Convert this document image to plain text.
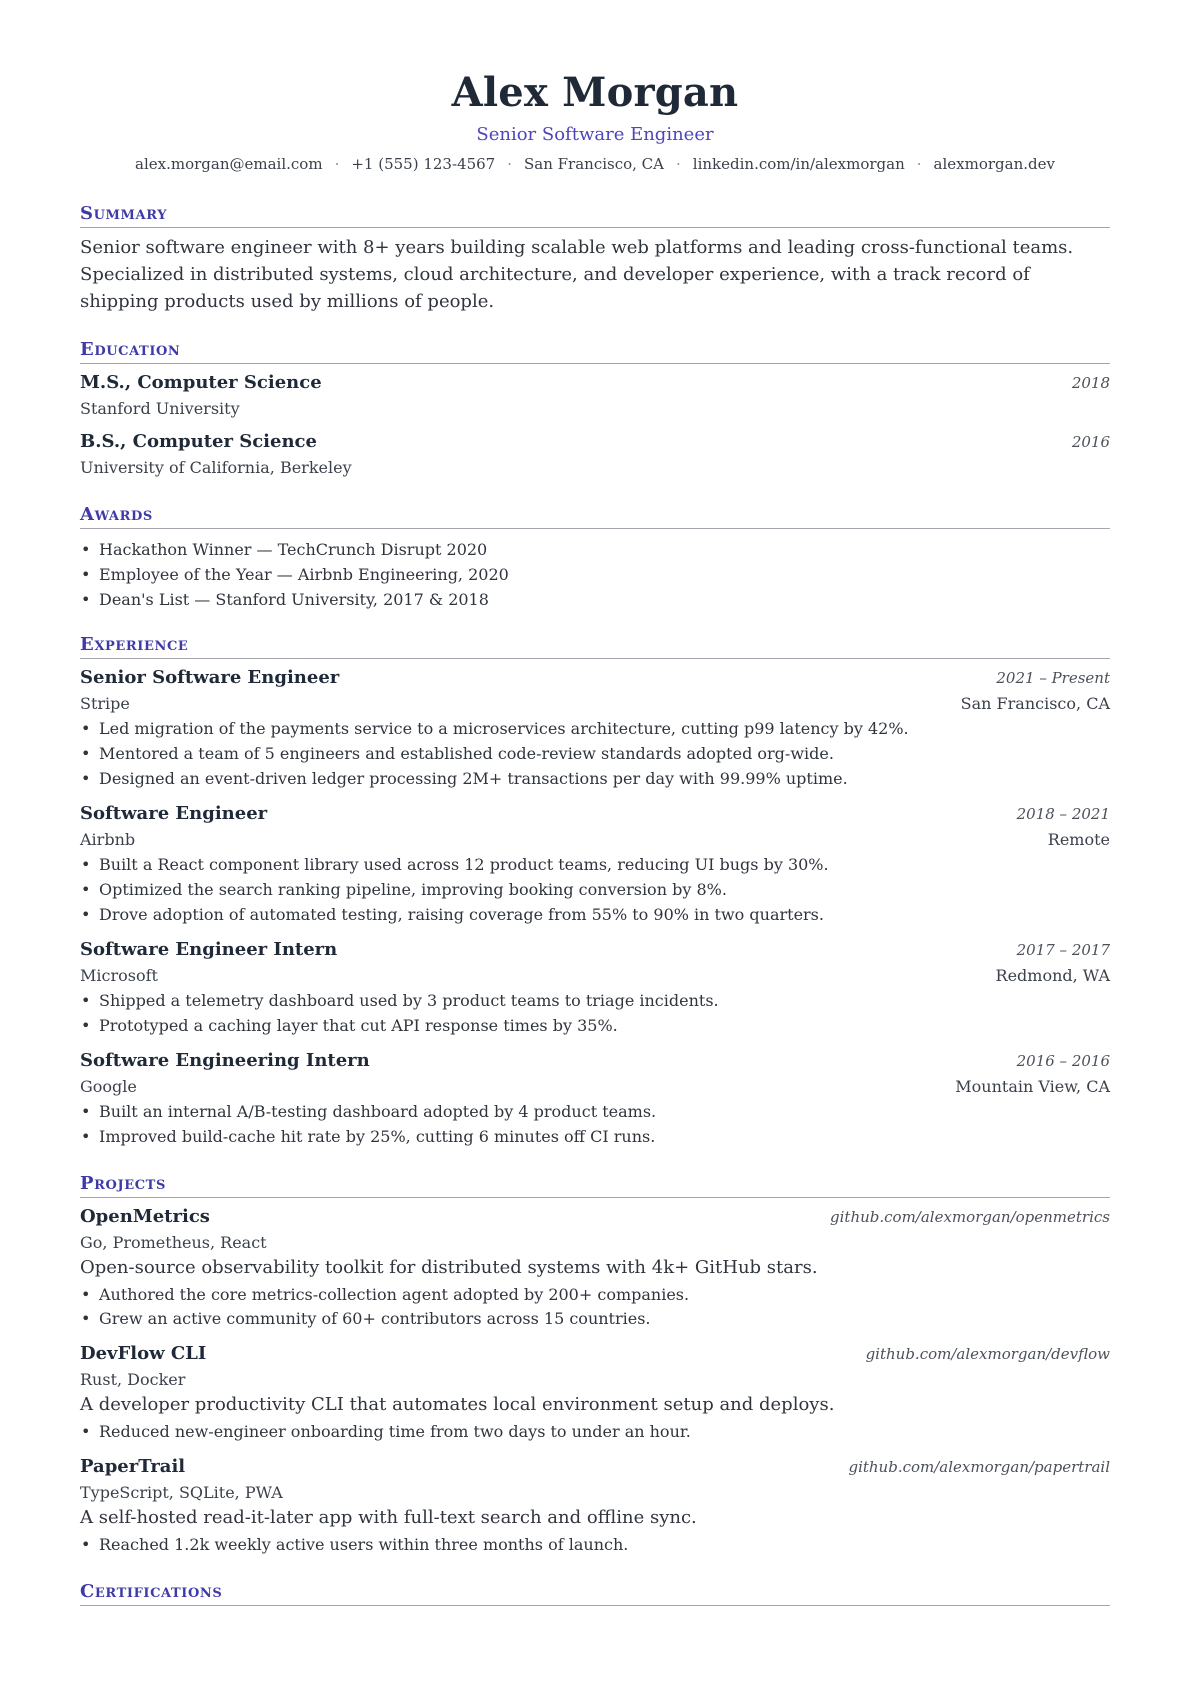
Alex Morgan
Senior Software Engineer
alex.morgan@email.com · +1 (555) 123-4567 · San Francisco, CA · linkedin.com/in/alexmorgan · alexmorgan.dev
Summary

Senior software engineer with 8+ years building scalable web platforms and leading cross-functional teams. Specialized in distributed systems, cloud architecture, and developer experience, with a track record of shipping products used by millions of people.

Education
M.S., Computer Science	2018
Stanford University
B.S., Computer Science	2016
University of California, Berkeley
Awards
• Hackathon Winner — TechCrunch Disrupt 2020
• Employee of the Year — Airbnb Engineering, 2020
• Dean's List — Stanford University, 2017 & 2018
Experience
Senior Software Engineer	2021 – Present
Stripe	San Francisco, CA
• Led migration of the payments service to a microservices architecture, cutting p99 latency by 42%.
• Mentored a team of 5 engineers and established code-review standards adopted org-wide.
• Designed an event-driven ledger processing 2M+ transactions per day with 99.99% uptime.
Software Engineer	2018 – 2021
Airbnb	Remote
• Built a React component library used across 12 product teams, reducing UI bugs by 30%.
• Optimized the search ranking pipeline, improving booking conversion by 8%.
• Drove adoption of automated testing, raising coverage from 55% to 90% in two quarters.
Software Engineer Intern	2017 – 2017
Microsoft	Redmond, WA
• Shipped a telemetry dashboard used by 3 product teams to triage incidents.
• Prototyped a caching layer that cut API response times by 35%.
Software Engineering Intern	2016 – 2016
Google	Mountain View, CA
• Built an internal A/B-testing dashboard adopted by 4 product teams.
• Improved build-cache hit rate by 25%, cutting 6 minutes off CI runs.
Projects
OpenMetrics	github.com/alexmorgan/openmetrics
Go, Prometheus, React

Open-source observability toolkit for distributed systems with 4k+ GitHub stars.

• Authored the core metrics-collection agent adopted by 200+ companies.
• Grew an active community of 60+ contributors across 15 countries.
DevFlow CLI	github.com/alexmorgan/devflow
Rust, Docker

A developer productivity CLI that automates local environment setup and deploys.

• Reduced new-engineer onboarding time from two days to under an hour.
PaperTrail	github.com/alexmorgan/papertrail
TypeScript, SQLite, PWA

A self-hosted read-it-later app with full-text search and offline sync.

• Reached 1.2k weekly active users within three months of launch.
Certifications
